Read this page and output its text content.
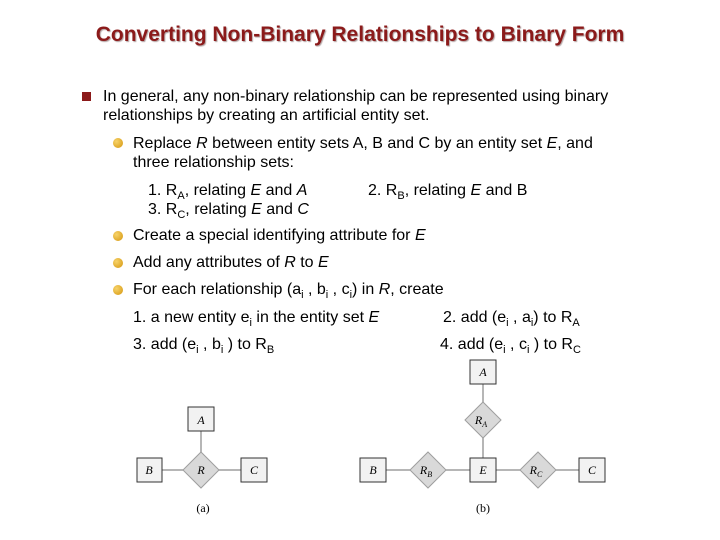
Converting Non-Binary Relationships to Binary Form
In general, any non-binary relationship can be represented using binary
relationships by creating an artificial entity set.
Replace R between entity sets A, B and C by an entity set E, and
three relationship sets:
1. $R_A$, relating E and A	2. $R_B$, relating E and B
3. $R_C$, relating E and C
Create a special identifying attribute for E
Add any attributes of R to E
For each relationship ($a_i$ , $b_i$ , $c_i$) in R, create
1. a new entity $e_i$ in the entity set E	2. add ($e_i$ , $a_i$) to $R_A$
3. add ($e_i$ , $b_i$ ) to $R_B$	4. add ($e_i$ , $c_i$ ) to $R_C$
A
R
B	C
(a)
A
$R_A$
B	$R_B$	E	$R_C$	C
(b)
